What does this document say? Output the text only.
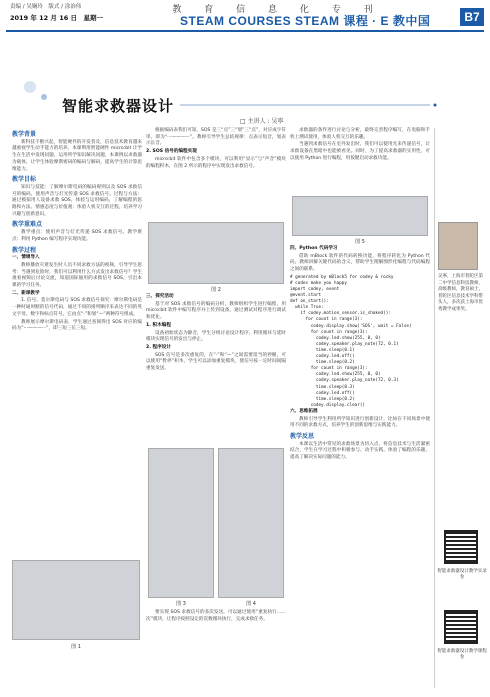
教 育 信 息 化 专 刊
责编 / 吴娴玲　版式 / 涂治伟
2019 年 12 月 16 日　星期一	STEAM COURSES STEAM 课程 · E 教中国	B7
智能求救器设计
□ 主讲人 : 吴寧

教学背景

新科技不断兴起，智能硬件的开发普及，信息技术教育越来越重视学生动手能力的培养。本课利用智能硬件 micro:bit 让学生在生活中发现问题、运用所学知识解决问题，本课例以求救器为载体，让学生体验摩斯密码的编码与解码，提高学生的计算思维能力。

教学目标

知识与技能：了解摩尔斯电码的编码规则以及 SOS 求救信号的编码，使用声音与灯光传递 SOS 求救信号。过程与方法：通过模拟用人设备求救 SOS，体验与运用编码，了解编程的思路和方法。情感态度与价值观：体验人机交互的过程，培养学习兴趣与创新意识。

教学重难点

教学重点：使用声音与灯光传递 SOS 求救信号。教学难点：利用 Python 编写程序实现功能。

教学过程

一、情境导入

教师播放灾难发生时人员不同求救方法的视频，引导学生思考：当遇到危险时，我们可以利用什么方式发出求救信号？学生观看视频后讨论交流，知道国际通用的求救信号 SOS，引出本课的学习任务。

二、新课教学

1. 信号、莫尔斯电码与 SOS 求救信号探究：摩尔斯电码是一种时通时断的信号代码，通过不同的排列顺序来表达不同的英文字母、数字和标点符号。它由点“·”和划“—”两种符号组成。

教师展示摩尔斯电码表，学生通过查阅得出 SOS 对应的编码为“···———···”，即三短三长三短。

图 1

根据编码表我们可知，SOS 是三“点”三“划”三“点”，对应成字符串，即为“···———···”。教师引导学生总结规律：点表示短音，划表示长音。

2. SOS 信号的编程实现

micro:bit 软件中包含多个模块，可以利用“显示”与“声音”模块的编程积木，在图 2 所示的程序中实现发出求救信号。

图 2

三、探究活动

基于对 SOS 求救信号的编码分析，教师组织学生进行编程，用 micro:bit 软件中编写程序并上传到设备，通过测试对程序进行调试和优化。

1. 积木编程

设备初始状态为静音，学生分组讨论设计程序，利用循环与延时模块实现信号的发出与停止。

2. 程序设计

SOS 信号是多次重复的，在“·”和“—”之间需要适当的停顿，可以使用“暂停”积木，学生可以添加重复模块，使信号按一定时间间隔重复发送。

图 3	图 4

要实现 SOS 求救信号的多次发送，可以通过使用“重复执行……次”模块，让程序按照设定的次数循环执行，完成求救任务。

求救器的条件进行讨论与分析，最终完善程序编写，在电脑和手机上测试使用，体验人机交互的乐趣。

当遇到求救信号在室外发出时，我们可以使用光来传递信号，让求救设备在黑暗中也能被看见。同时，为了提高求救器的实用性，可以使用 Python 进行编程，用按键启动求救功能。

图 5

四、Python 代码学习

借助 mBlock 软件的代码转换功能，将程序转化为 Python 代码，教师讲解关键代码的含义，帮助学生理解图形化编程与代码编程之间的联系。

# generated by mBlock5 for codey & rocky
# codes make you happy
import codey, event
@event.start
def on_start():
while True:
if codey.motion_sensor.is_shaked():
for count in range(3):
codey.display.show('SOS', wait = False)
for count in range(3):
codey.led.show(255, 0, 0)
codey.speaker.play_note(72, 0.1)
time.sleep(0.1)
codey.led.off()
time.sleep(0.2)
for count in range(3):
codey.led.show(255, 0, 0)
codey.speaker.play_note(72, 0.3)
time.sleep(0.3)
codey.led.off()
time.sleep(0.2)
codey.display.clear()

六、思维拓展

教师引导学生利用所学知识进行创新设计，比如在不同场景中使用不同的求救方式，培养学生的创新思维与实践能力。

教学反思

本课以生活中常见的求救场景为切入点，将信息技术与生活紧密结合，学生在学习过程中积极参与、动手实践，体验了编程的乐趣，提高了解决实际问题的能力。

吴寧，上海市普陀区第二中学信息科技教师，高级教师，教育硕士，普陀区信息技术学科带头人，多次获上海市优秀教学成果奖。
智能求救器设计教学实录卷
智能求救器设计教学课程卷
